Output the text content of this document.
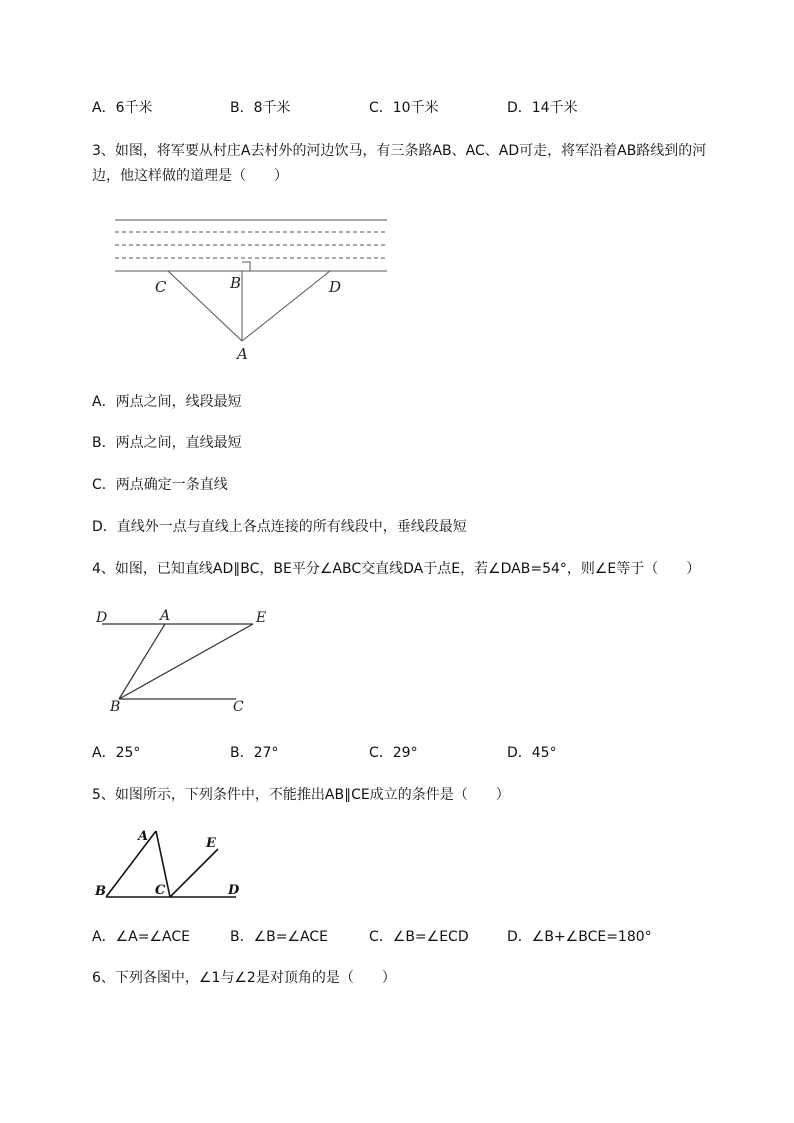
A．6千米	B．8千米	C．10千米	D．14千米
3、如图，将军要从村庄A去村外的河边饮马，有三条路AB、AC、AD可走，将军沿着AB路线到的河
边，他这样做的道理是（　　）
C	B	D
A
A．两点之间，线段最短
B．两点之间，直线最短
C．两点确定一条直线
D．直线外一点与直线上各点连接的所有线段中，垂线段最短
4、如图，已知直线AD∥BC，BE平分∠ABC交直线DA于点E，若∠DAB=54°，则∠E等于（　　）
D	A	E
B	C
A．25°	B．27°	C．29°	D．45°
5、如图所示，下列条件中，不能推出AB∥CE成立的条件是（　　）
A	E
B	C	D
A．∠A=∠ACE	B．∠B=∠ACE	C．∠B=∠ECD	D．∠B+∠BCE=180°
6、下列各图中，∠1与∠2是对顶角的是（　　）
